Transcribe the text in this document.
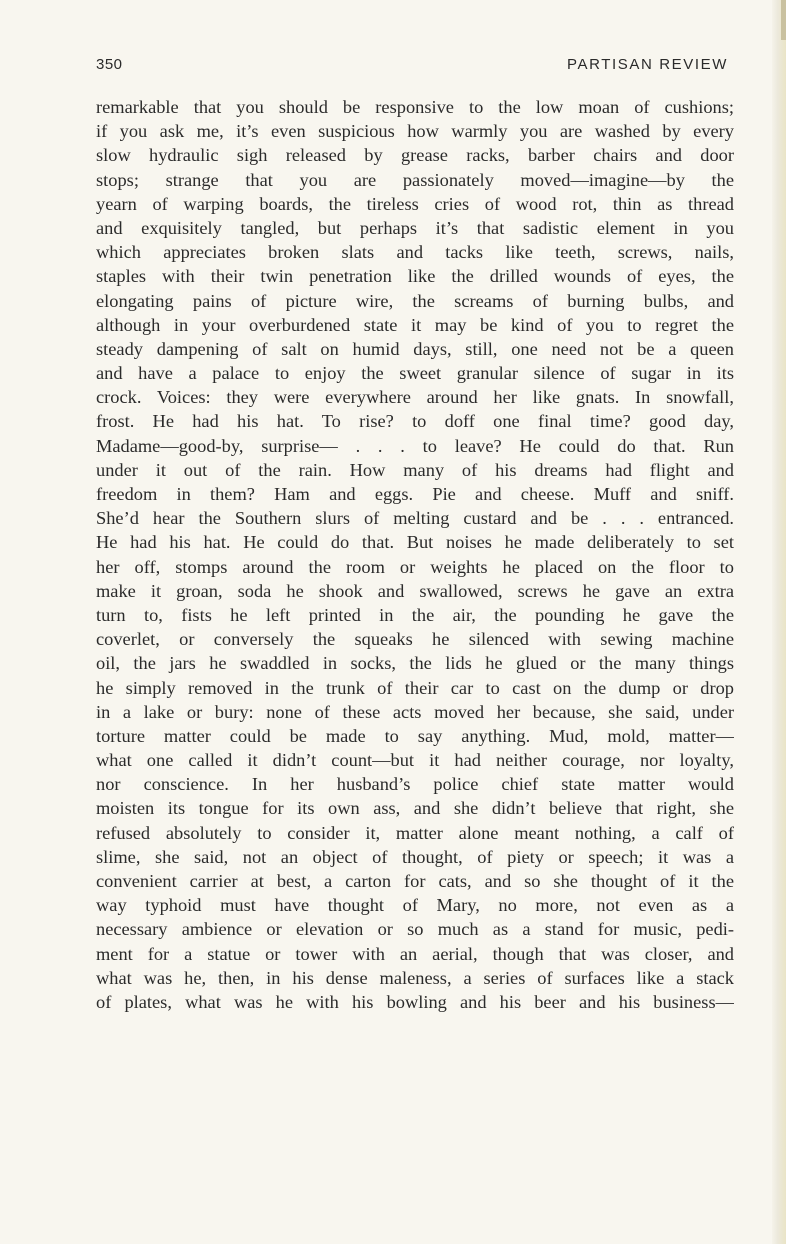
350	PARTISAN REVIEW
remarkable that you should be responsive to the low moan of cushions;
if you ask me, it’s even suspicious how warmly you are washed by every
slow hydraulic sigh released by grease racks, barber chairs and door
stops; strange that you are passionately moved—imagine—by the
yearn of warping boards, the tireless cries of wood rot, thin as thread
and exquisitely tangled, but perhaps it’s that sadistic element in you
which appreciates broken slats and tacks like teeth, screws, nails,
staples with their twin penetration like the drilled wounds of eyes, the
elongating pains of picture wire, the screams of burning bulbs, and
although in your overburdened state it may be kind of you to regret the
steady dampening of salt on humid days, still, one need not be a queen
and have a palace to enjoy the sweet granular silence of sugar in its
crock. Voices: they were everywhere around her like gnats. In snowfall,
frost. He had his hat. To rise? to doff one final time? good day,
Madame—good-by, surprise— . . . to leave? He could do that. Run
under it out of the rain. How many of his dreams had flight and
freedom in them? Ham and eggs. Pie and cheese. Muff and sniff.
She’d hear the Southern slurs of melting custard and be . . . entranced.
He had his hat. He could do that. But noises he made deliberately to set
her off, stomps around the room or weights he placed on the floor to
make it groan, soda he shook and swallowed, screws he gave an extra
turn to, fists he left printed in the air, the pounding he gave the
coverlet, or conversely the squeaks he silenced with sewing machine
oil, the jars he swaddled in socks, the lids he glued or the many things
he simply removed in the trunk of their car to cast on the dump or drop
in a lake or bury: none of these acts moved her because, she said, under
torture matter could be made to say anything. Mud, mold, matter—
what one called it didn’t count—but it had neither courage, nor loyalty,
nor conscience. In her husband’s police chief state matter would
moisten its tongue for its own ass, and she didn’t believe that right, she
refused absolutely to consider it, matter alone meant nothing, a calf of
slime, she said, not an object of thought, of piety or speech; it was a
convenient carrier at best, a carton for cats, and so she thought of it the
way typhoid must have thought of Mary, no more, not even as a
necessary ambience or elevation or so much as a stand for music, pedi-
ment for a statue or tower with an aerial, though that was closer, and
what was he, then, in his dense maleness, a series of surfaces like a stack
of plates, what was he with his bowling and his beer and his business—
